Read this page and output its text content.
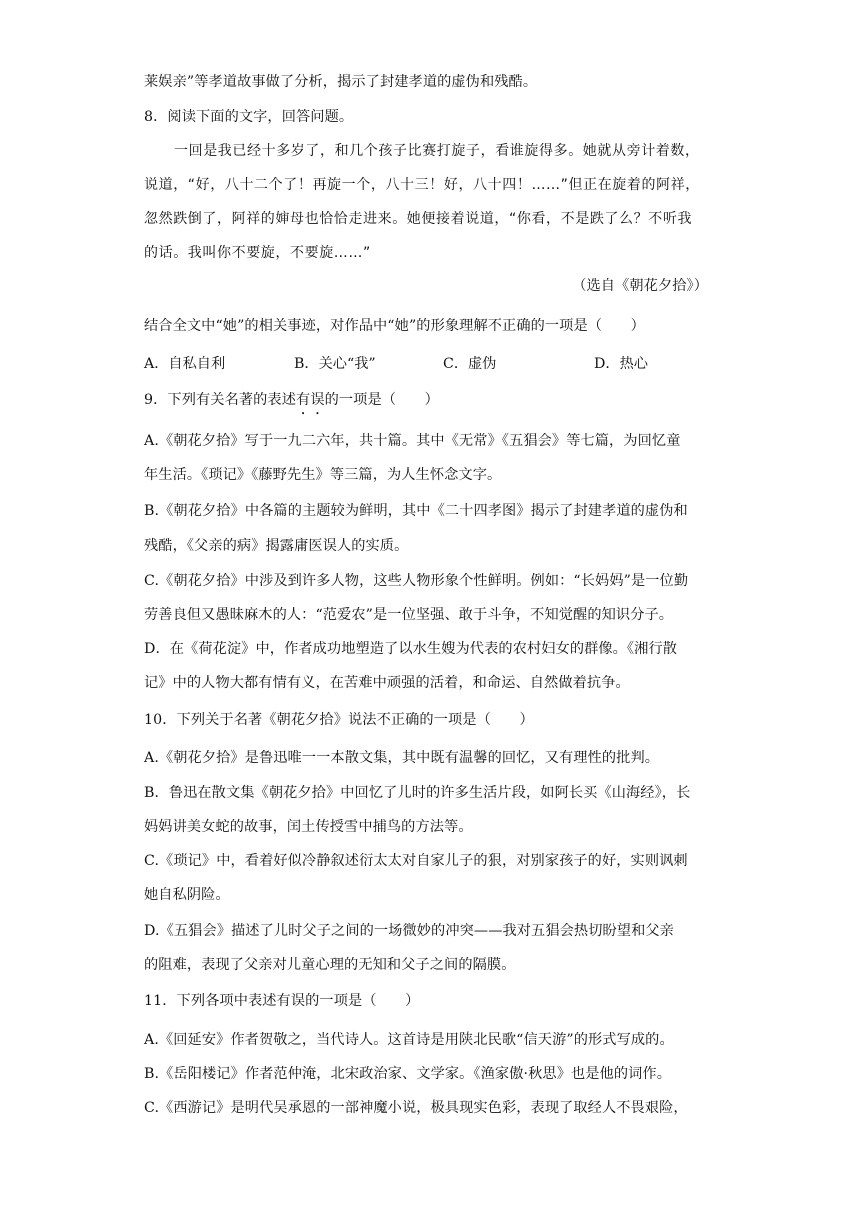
莱娱亲”等孝道故事做了分析，揭示了封建孝道的虚伪和残酷。
8．阅读下面的文字，回答问题。
一回是我已经十多岁了，和几个孩子比赛打旋子，看谁旋得多。她就从旁计着数，
说道，“好，八十二个了！再旋一个，八十三！好，八十四！……”但正在旋着的阿祥，
忽然跌倒了，阿祥的婶母也恰恰走进来。她便接着说道，“你看，不是跌了么？不听我
的话。我叫你不要旋，不要旋……”
（选自《朝花夕拾》）
结合全文中“她”的相关事迹，对作品中“她”的形象理解不正确的一项是（　　）
A．自私自利	B．关心“我”	C．虚伪	D．热心
9．下列有关名著的表述有误的一项是（　　）
A.《朝花夕拾》写于一九二六年，共十篇。其中《无常》《五猖会》等七篇，为回忆童
年生活。《琐记》《藤野先生》等三篇，为人生怀念文字。
B.《朝花夕拾》中各篇的主题较为鲜明，其中《二十四孝图》揭示了封建孝道的虚伪和
残酷，《父亲的病》揭露庸医误人的实质。
C.《朝花夕拾》中涉及到许多人物，这些人物形象个性鲜明。例如：“长妈妈”是一位勤
劳善良但又愚昧麻木的人：“范爱农”是一位坚强、敢于斗争，不知觉醒的知识分子。
D．在《荷花淀》中，作者成功地塑造了以水生嫂为代表的农村妇女的群像。《湘行散
记》中的人物大都有情有义，在苦难中顽强的活着，和命运、自然做着抗争。
10．下列关于名著《朝花夕拾》说法不正确的一项是（　　）
A.《朝花夕拾》是鲁迅唯一一本散文集，其中既有温馨的回忆，又有理性的批判。
B．鲁迅在散文集《朝花夕拾》中回忆了儿时的许多生活片段，如阿长买《山海经》，长
妈妈讲美女蛇的故事，闰土传授雪中捕鸟的方法等。
C.《琐记》中，看着好似冷静叙述衍太太对自家儿子的狠，对别家孩子的好，实则讽刺
她自私阴险。
D.《五猖会》描述了儿时父子之间的一场微妙的冲突——我对五猖会热切盼望和父亲
的阻难，表现了父亲对儿童心理的无知和父子之间的隔膜。
11．下列各项中表述有误的一项是（　　）
A.《回延安》作者贺敬之，当代诗人。这首诗是用陕北民歌“信天游”的形式写成的。
B.《岳阳楼记》作者范仲淹，北宋政治家、文学家。《渔家傲·秋思》也是他的词作。
C.《西游记》是明代吴承恩的一部神魔小说，极具现实色彩，表现了取经人不畏艰险，
